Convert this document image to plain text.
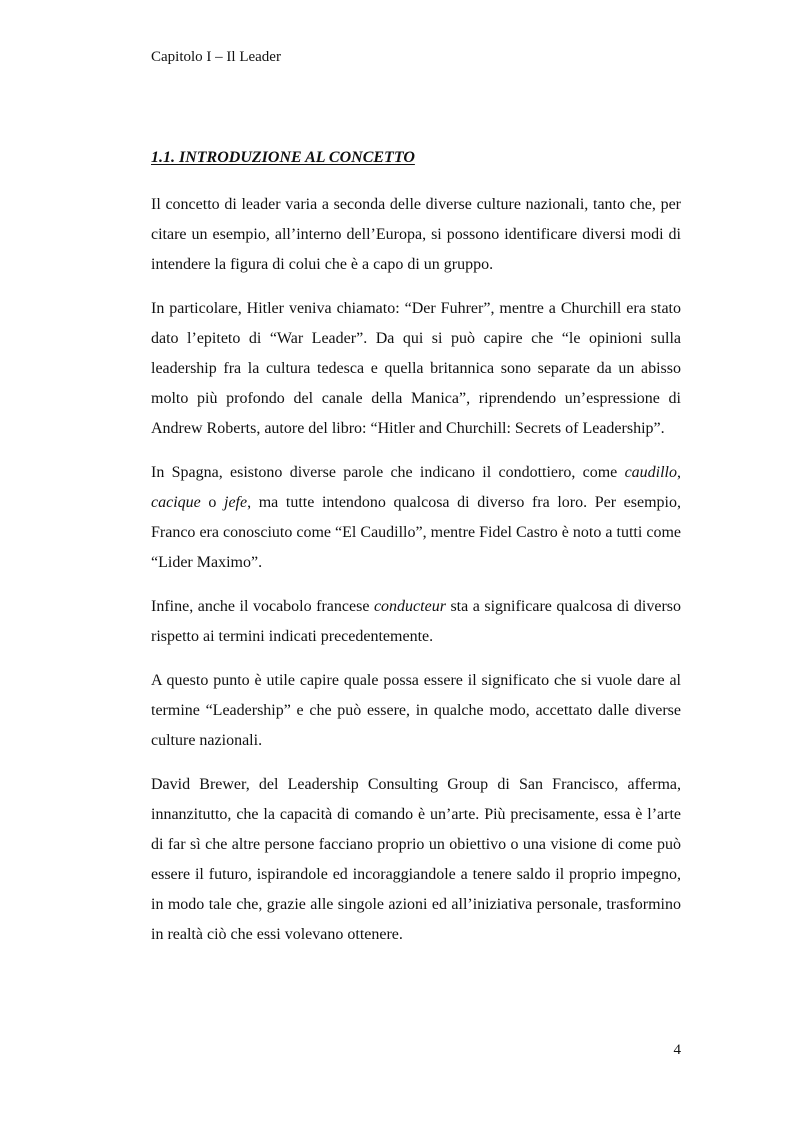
Capitolo I – Il Leader

1.1. INTRODUZIONE AL CONCETTO

Il concetto di leader varia a seconda delle diverse culture nazionali, tanto che, per citare un esempio, all’interno dell’Europa, si possono identificare diversi modi di intendere la figura di colui che è a capo di un gruppo.

In particolare, Hitler veniva chiamato: “Der Fuhrer”, mentre a Churchill era stato dato l’epiteto di “War Leader”. Da qui si può capire che “le opinioni sulla leadership fra la cultura tedesca e quella britannica sono separate da un abisso molto più profondo del canale della Manica”, riprendendo un’espressione di Andrew Roberts, autore del libro: “Hitler and Churchill: Secrets of Leadership”.

In Spagna, esistono diverse parole che indicano il condottiero, come caudillo, cacique o jefe, ma tutte intendono qualcosa di diverso fra loro. Per esempio, Franco era conosciuto come “El Caudillo”, mentre Fidel Castro è noto a tutti come “Lider Maximo”.

Infine, anche il vocabolo francese conducteur sta a significare qualcosa di diverso rispetto ai termini indicati precedentemente.

A questo punto è utile capire quale possa essere il significato che si vuole dare al termine “Leadership” e che può essere, in qualche modo, accettato dalle diverse culture nazionali.

David Brewer, del Leadership Consulting Group di San Francisco, afferma, innanzitutto, che la capacità di comando è un’arte. Più precisamente, essa è l’arte di far sì che altre persone facciano proprio un obiettivo o una visione di come può essere il futuro, ispirandole ed incoraggiandole a tenere saldo il proprio impegno, in modo tale che, grazie alle singole azioni ed all’iniziativa personale, trasformino in realtà ciò che essi volevano ottenere.

4
